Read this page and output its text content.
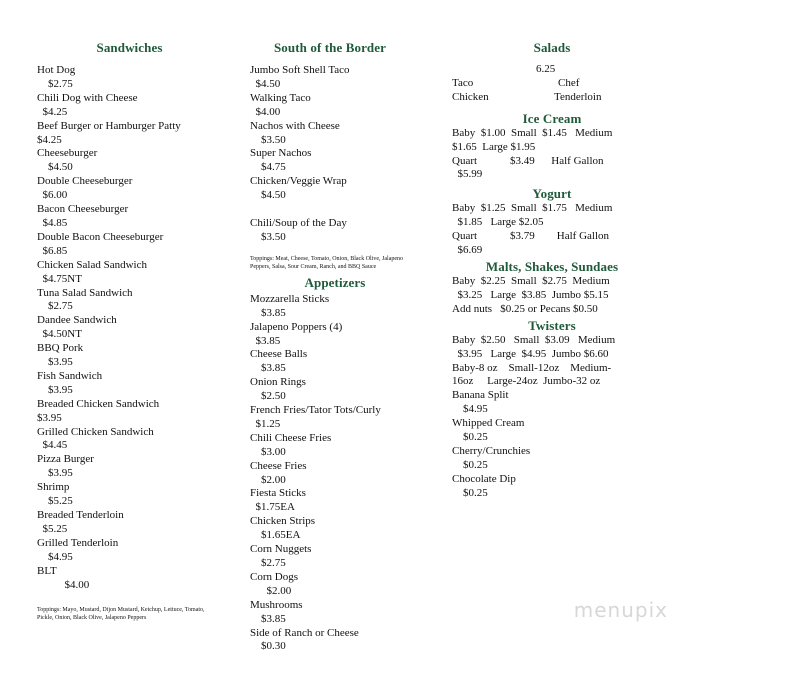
Sandwiches
Hot Dog
$2.75
Chili Dog with Cheese
$4.25
Beef Burger or Hamburger Patty
$4.25
Cheeseburger
$4.50
Double Cheeseburger
$6.00
Bacon Cheeseburger
$4.85
Double Bacon Cheeseburger
$6.85
Chicken Salad Sandwich
$4.75NT
Tuna Salad Sandwich
$2.75
Dandee Sandwich
$4.50NT
BBQ Pork
$3.95
Fish Sandwich
$3.95
Breaded Chicken Sandwich
$3.95
Grilled Chicken Sandwich
$4.45
Pizza Burger
$3.95
Shrimp
$5.25
Breaded Tenderloin
$5.25
Grilled Tenderloin
$4.95
BLT
$4.00
Toppings: Mayo, Mustard, Dijon Mustard, Ketchup, Lettuce, Tomato, Pickle, Onion, Black Olive, Jalapeno Peppers
South of the Border
Jumbo Soft Shell Taco
$4.50
Walking Taco
$4.00
Nachos with Cheese
$3.50
Super Nachos
$4.75
Chicken/Veggie Wrap
$4.50

Chili/Soup of the Day
$3.50
Toppings: Meat, Cheese, Tomato, Onion, Black Olive, Jalapeno Peppers, Salsa, Sour Cream, Ranch, and BBQ Sauce
Appetizers
Mozzarella Sticks
$3.85
Jalapeno Poppers (4)
$3.85
Cheese Balls
$3.85
Onion Rings
$2.50
French Fries/Tator Tots/Curly
$1.25
Chili Cheese Fries
$3.00
Cheese Fries
$2.00
Fiesta Sticks
$1.75EA
Chicken Strips
$1.65EA
Corn Nuggets
$2.75
Corn Dogs
$2.00
Mushrooms
$3.85
Side of Ranch or Cheese
$0.30
Salads
6.25
Taco	Chef
Chicken	Tenderloin
Ice Cream
Baby  $1.00  Small  $1.45   Medium
$1.65  Large $1.95
Quart            $3.49      Half Gallon
$5.99
Yogurt
Baby  $1.25  Small  $1.75   Medium
$1.85   Large $2.05
Quart            $3.79        Half Gallon
$6.69
Malts, Shakes, Sundaes
Baby  $2.25  Small  $2.75  Medium
$3.25   Large  $3.85  Jumbo $5.15
Add nuts   $0.25 or Pecans $0.50
Twisters
Baby  $2.50   Small  $3.09   Medium
$3.95   Large  $4.95  Jumbo $6.60
Baby-8 oz    Small-12oz    Medium-
16oz     Large-24oz  Jumbo-32 oz
Banana Split
$4.95
Whipped Cream
$0.25
Cherry/Crunchies
$0.25
Chocolate Dip
$0.25
menupix
